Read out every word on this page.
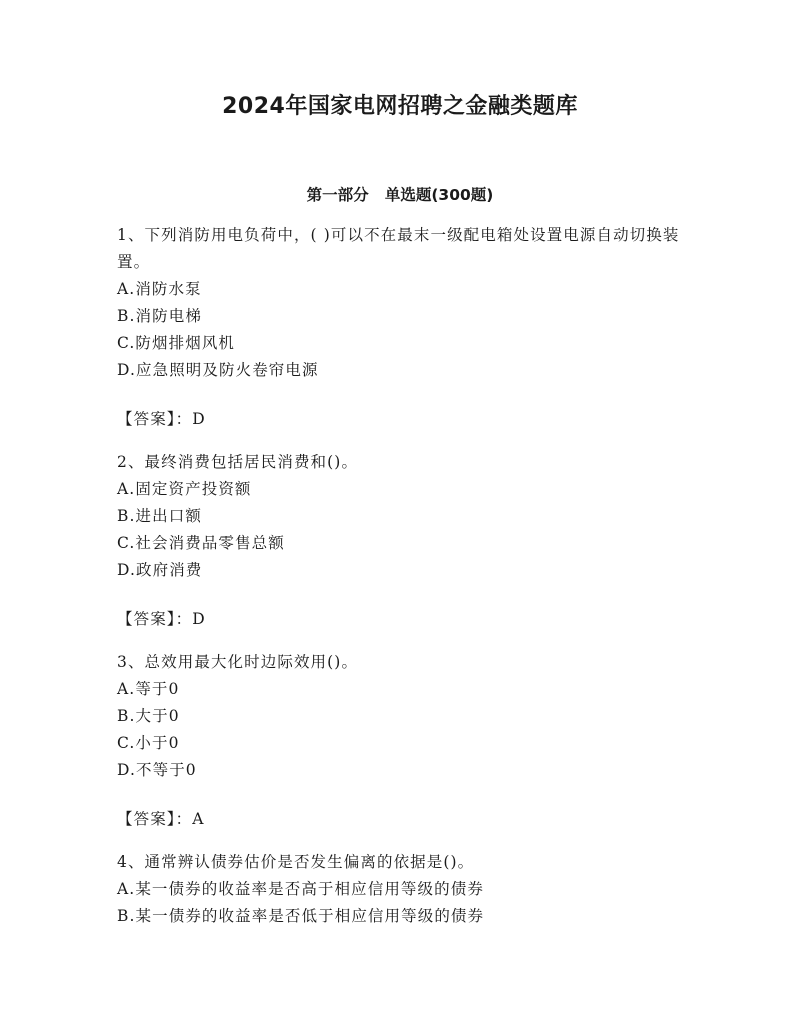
2024年国家电网招聘之金融类题库
第一部分   单选题(300题)

1、下列消防用电负荷中，( )可以不在最末一级配电箱处设置电源自动切换装置。

A.消防水泵

B.消防电梯

C.防烟排烟风机

D.应急照明及防火卷帘电源

【答案】：D

2、最终消费包括居民消费和()。

A.固定资产投资额

B.进出口额

C.社会消费品零售总额

D.政府消费

【答案】：D

3、总效用最大化时边际效用()。

A.等于0

B.大于0

C.小于0

D.不等于0

【答案】：A

4、通常辨认债券估价是否发生偏离的依据是()。

A.某一债券的收益率是否高于相应信用等级的债券

B.某一债券的收益率是否低于相应信用等级的债券
